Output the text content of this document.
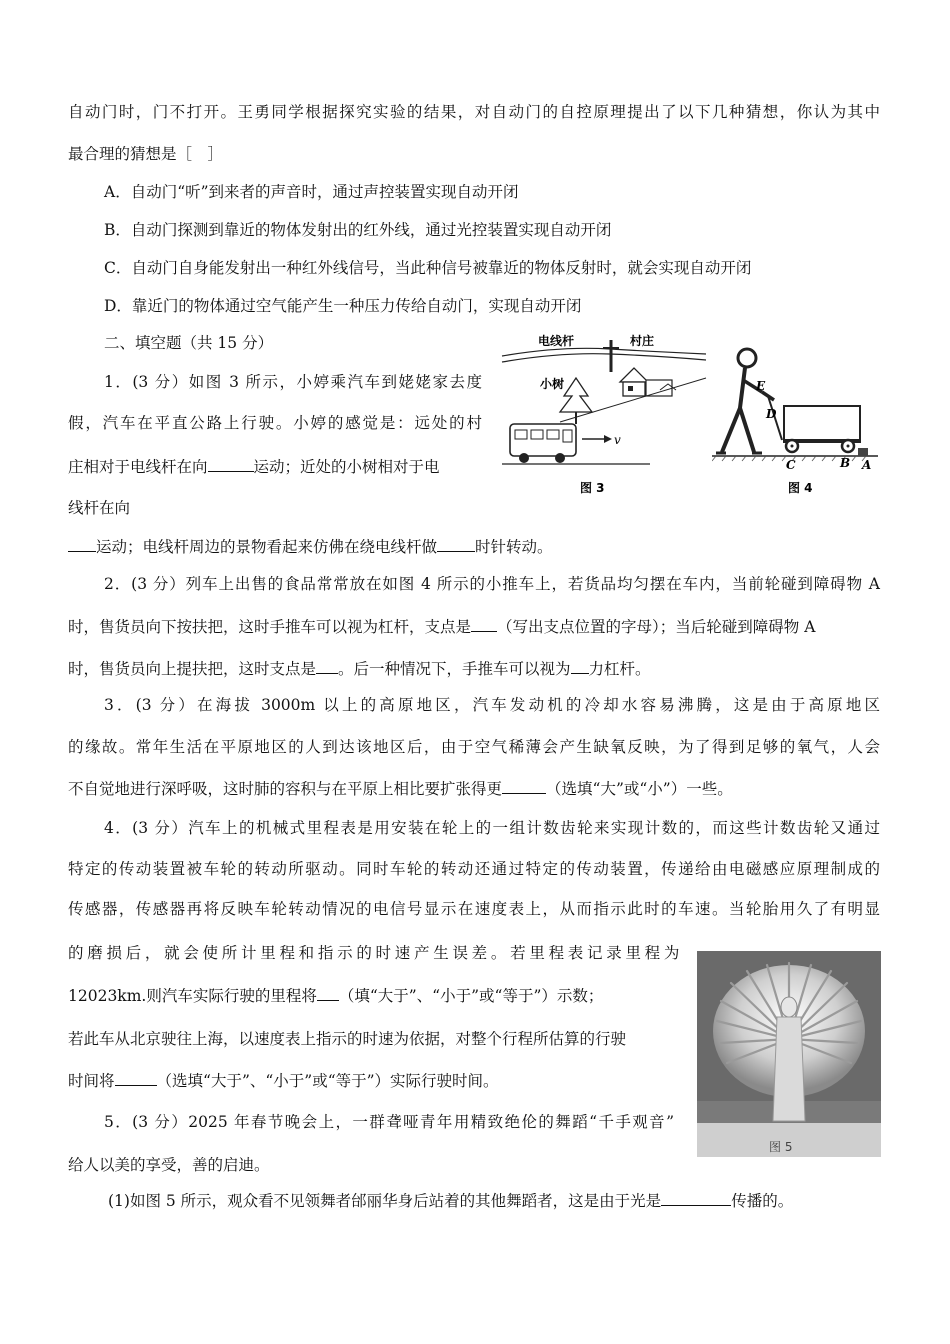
自动门时，门不打开。王勇同学根据探究实验的结果，对自动门的自控原理提出了以下几种猜想，你认为其中
最合理的猜想是［　］
A．自动门“听”到来者的声音时，通过声控装置实现自动开闭
B．自动门探测到靠近的物体发射出的红外线，通过光控装置实现自动开闭
C．自动门自身能发射出一种红外线信号，当此种信号被靠近的物体反射时，就会实现自动开闭
D．靠近门的物体通过空气能产生一种压力传给自动门，实现自动开闭
二、填空题（共 15 分）
1．(3 分）如图 3 所示，小婷乘汽车到姥姥家去度
假，汽车在平直公路上行驶。小婷的感觉是：远处的村
庄相对于电线杆在向	运动；近处的小树相对于电
线杆在向
运动；电线杆周边的景物看起来仿佛在绕电线杆做 时针转动。
电线杆	村庄
小树
v
图 3
E
D
C	B A
图 4
2．(3 分）列车上出售的食品常常放在如图 4 所示的小推车上，若货品均匀摆在车内，当前轮碰到障碍物 A
时，售货员向下按扶把，这时手推车可以视为杠杆，支点是 （写出支点位置的字母）；当后轮碰到障碍物 A
时，售货员向上提扶把，这时支点是 。后一种情况下，手推车可以视为 力杠杆。
3．(3 分）在海拔 3000m 以上的高原地区，汽车发动机的冷却水容易沸腾，这是由于高原地区
的缘故。常年生活在平原地区的人到达该地区后，由于空气稀薄会产生缺氧反映，为了得到足够的氧气，人会
不自觉地进行深呼吸，这时肺的容积与在平原上相比要扩张得更	（选填“大”或“小”）一些。
4．(3 分）汽车上的机械式里程表是用安装在轮上的一组计数齿轮来实现计数的，而这些计数齿轮又通过
特定的传动装置被车轮的转动所驱动。同时车轮的转动还通过特定的传动装置，传递给由电磁感应原理制成的
传感器，传感器再将反映车轮转动情况的电信号显示在速度表上，从而指示此时的车速。当轮胎用久了有明显
的磨损后，就会使所计里程和指示的时速产生误差。若里程表记录里程为
12023km.则汽车实际行驶的里程将 （填“大于”、“小于”或“等于”）示数；
若此车从北京驶往上海，以速度表上指示的时速为依据，对整个行程所估算的行驶
时间将	（选填“大于”、“小于”或“等于”）实际行驶时间。
图 5
5．(3 分）2025 年春节晚会上，一群聋哑青年用精致绝伦的舞蹈“千手观音”
给人以美的享受，善的启迪。
(1)如图 5 所示，观众看不见领舞者邰丽华身后站着的其他舞蹈者，这是由于光是	传播的。
